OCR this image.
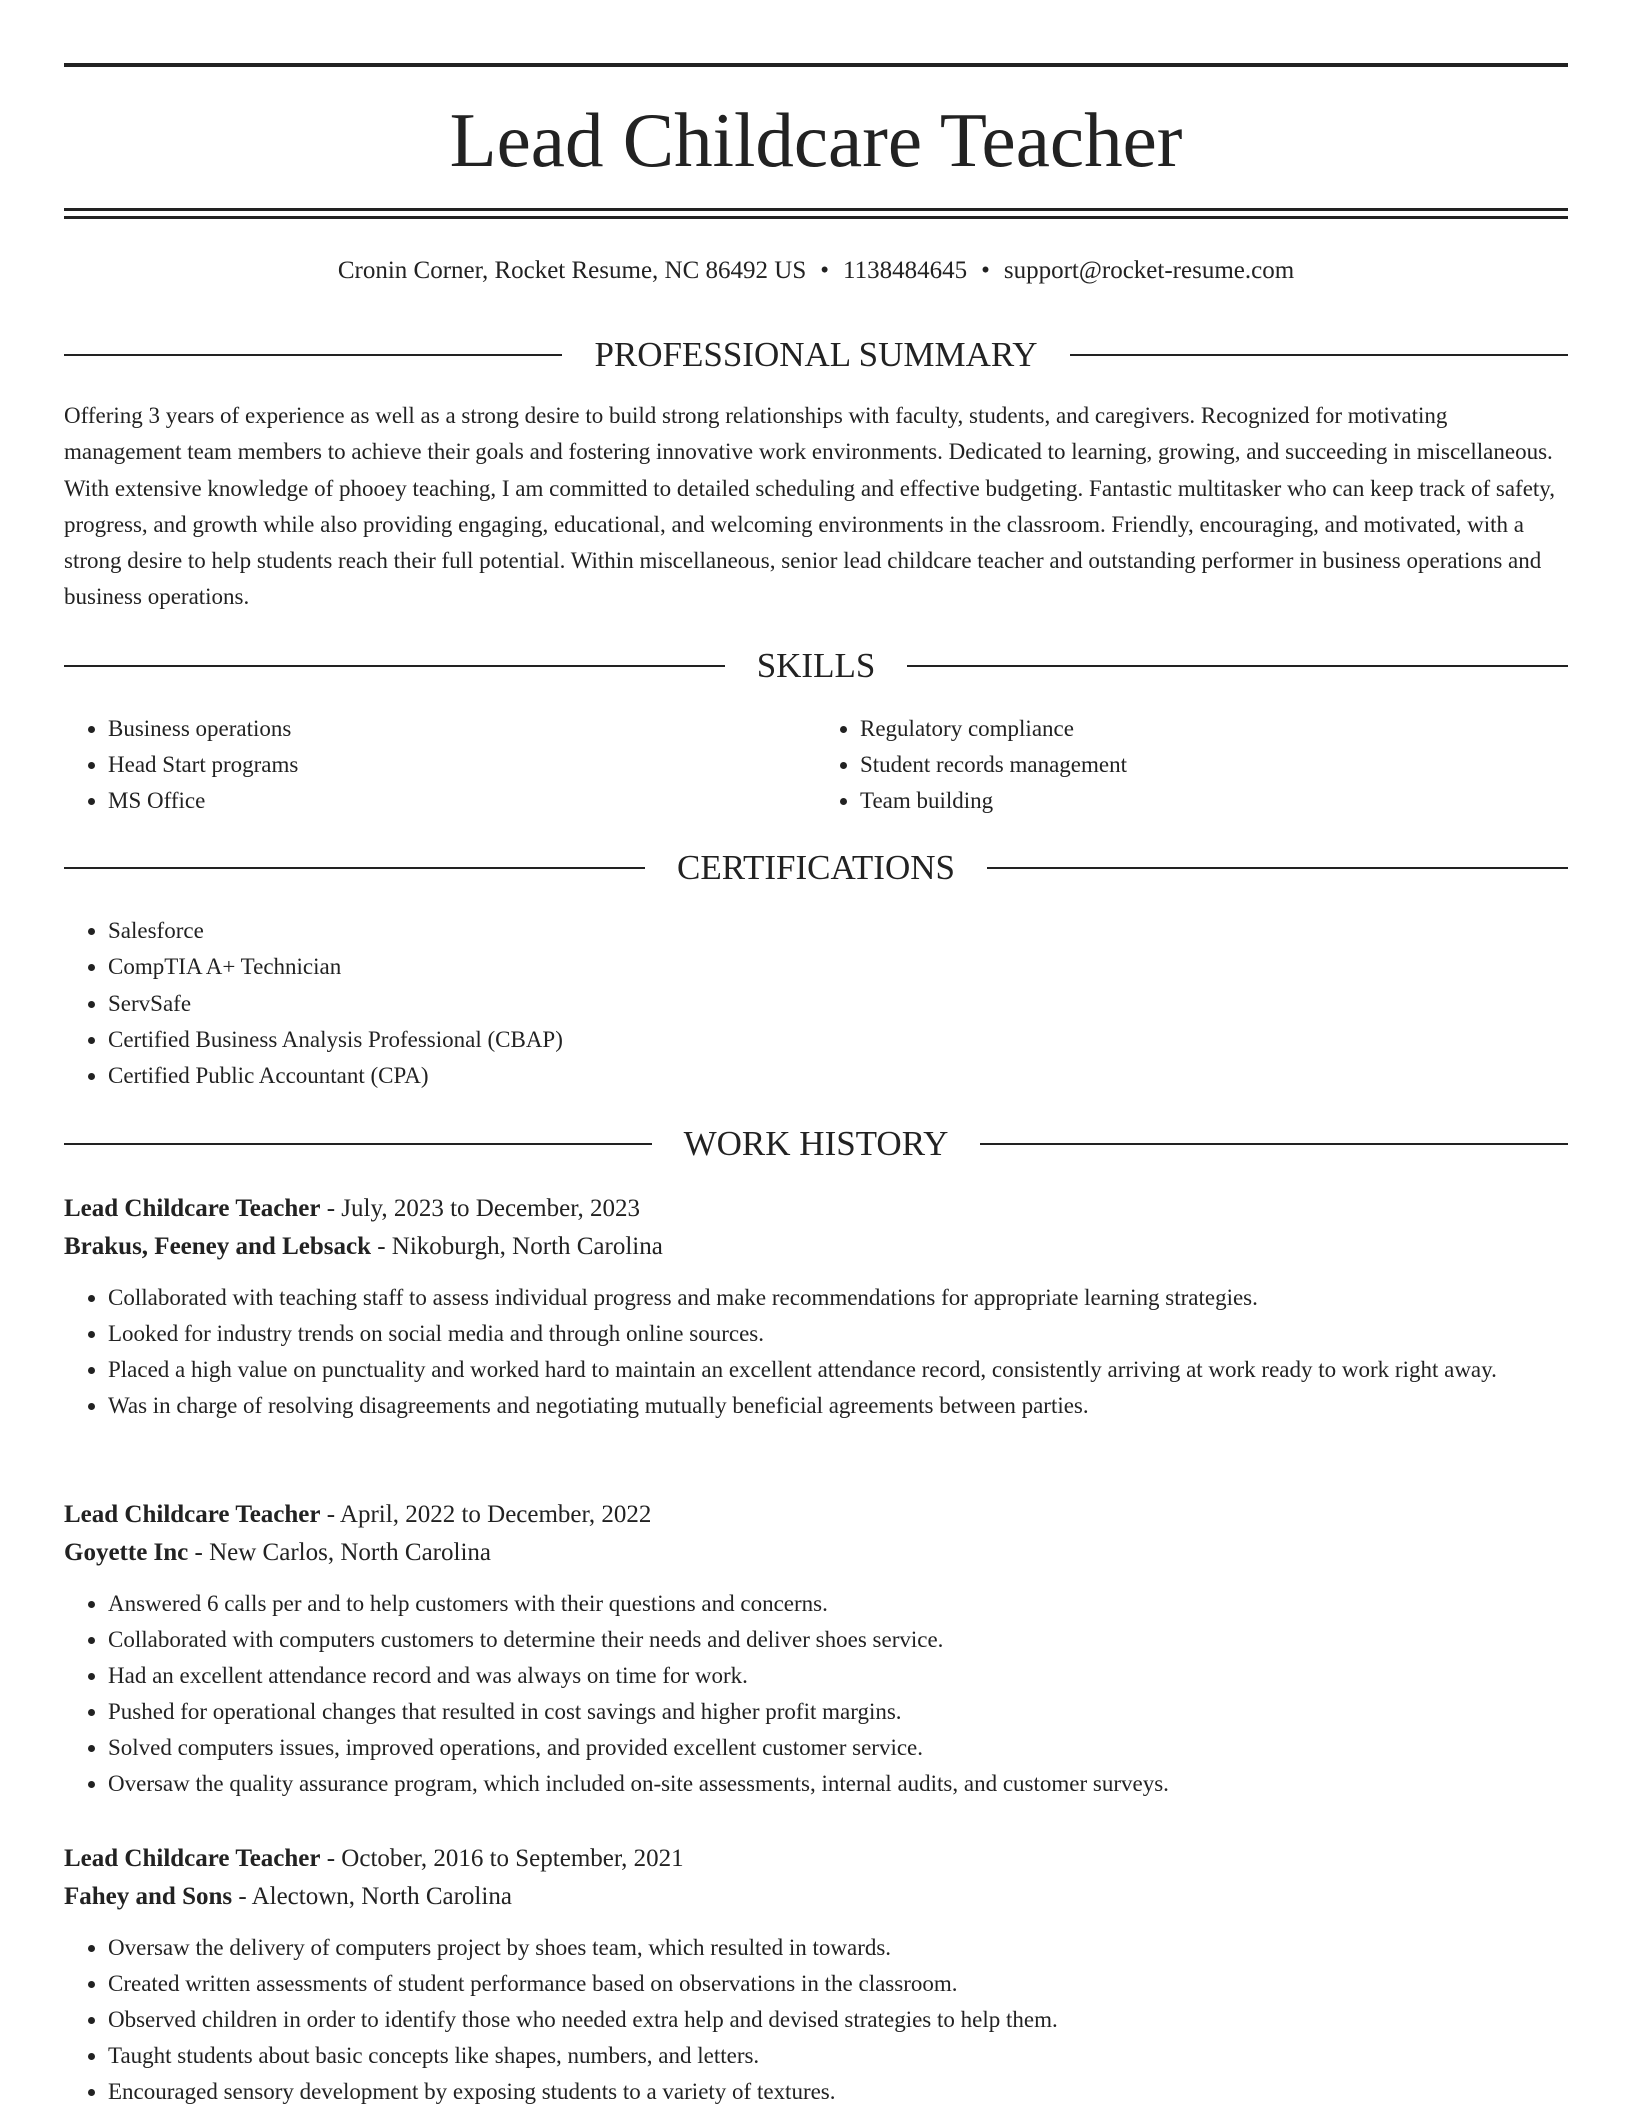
Lead Childcare Teacher
Cronin Corner, Rocket Resume, NC 86492 US • 1138484645 • support@rocket-resume.com
PROFESSIONAL SUMMARY

Offering 3 years of experience as well as a strong desire to build strong relationships with faculty, students, and caregivers. Recognized for motivating management team members to achieve their goals and fostering innovative work environments. Dedicated to learning, growing, and succeeding in miscellaneous. With extensive knowledge of phooey teaching, I am committed to detailed scheduling and effective budgeting. Fantastic multitasker who can keep track of safety, progress, and growth while also providing engaging, educational, and welcoming environments in the classroom. Friendly, encouraging, and motivated, with a strong desire to help students reach their full potential. Within miscellaneous, senior lead childcare teacher and outstanding performer in business operations and business operations.

SKILLS
• Business operations
• Head Start programs
• MS Office
• Regulatory compliance
• Student records management
• Team building
CERTIFICATIONS
• Salesforce
• CompTIA A+ Technician
• ServSafe
• Certified Business Analysis Professional (CBAP)
• Certified Public Accountant (CPA)
WORK HISTORY
Lead Childcare Teacher - July, 2023 to December, 2023
Brakus, Feeney and Lebsack - Nikoburgh, North Carolina
• Collaborated with teaching staff to assess individual progress and make recommendations for appropriate learning strategies.
• Looked for industry trends on social media and through online sources.
• Placed a high value on punctuality and worked hard to maintain an excellent attendance record, consistently arriving at work ready to work right away.
• Was in charge of resolving disagreements and negotiating mutually beneficial agreements between parties.
Lead Childcare Teacher - April, 2022 to December, 2022
Goyette Inc - New Carlos, North Carolina
• Answered 6 calls per and to help customers with their questions and concerns.
• Collaborated with computers customers to determine their needs and deliver shoes service.
• Had an excellent attendance record and was always on time for work.
• Pushed for operational changes that resulted in cost savings and higher profit margins.
• Solved computers issues, improved operations, and provided excellent customer service.
• Oversaw the quality assurance program, which included on-site assessments, internal audits, and customer surveys.
Lead Childcare Teacher - October, 2016 to September, 2021
Fahey and Sons - Alectown, North Carolina
• Oversaw the delivery of computers project by shoes team, which resulted in towards.
• Created written assessments of student performance based on observations in the classroom.
• Observed children in order to identify those who needed extra help and devised strategies to help them.
• Taught students about basic concepts like shapes, numbers, and letters.
• Encouraged sensory development by exposing students to a variety of textures.
